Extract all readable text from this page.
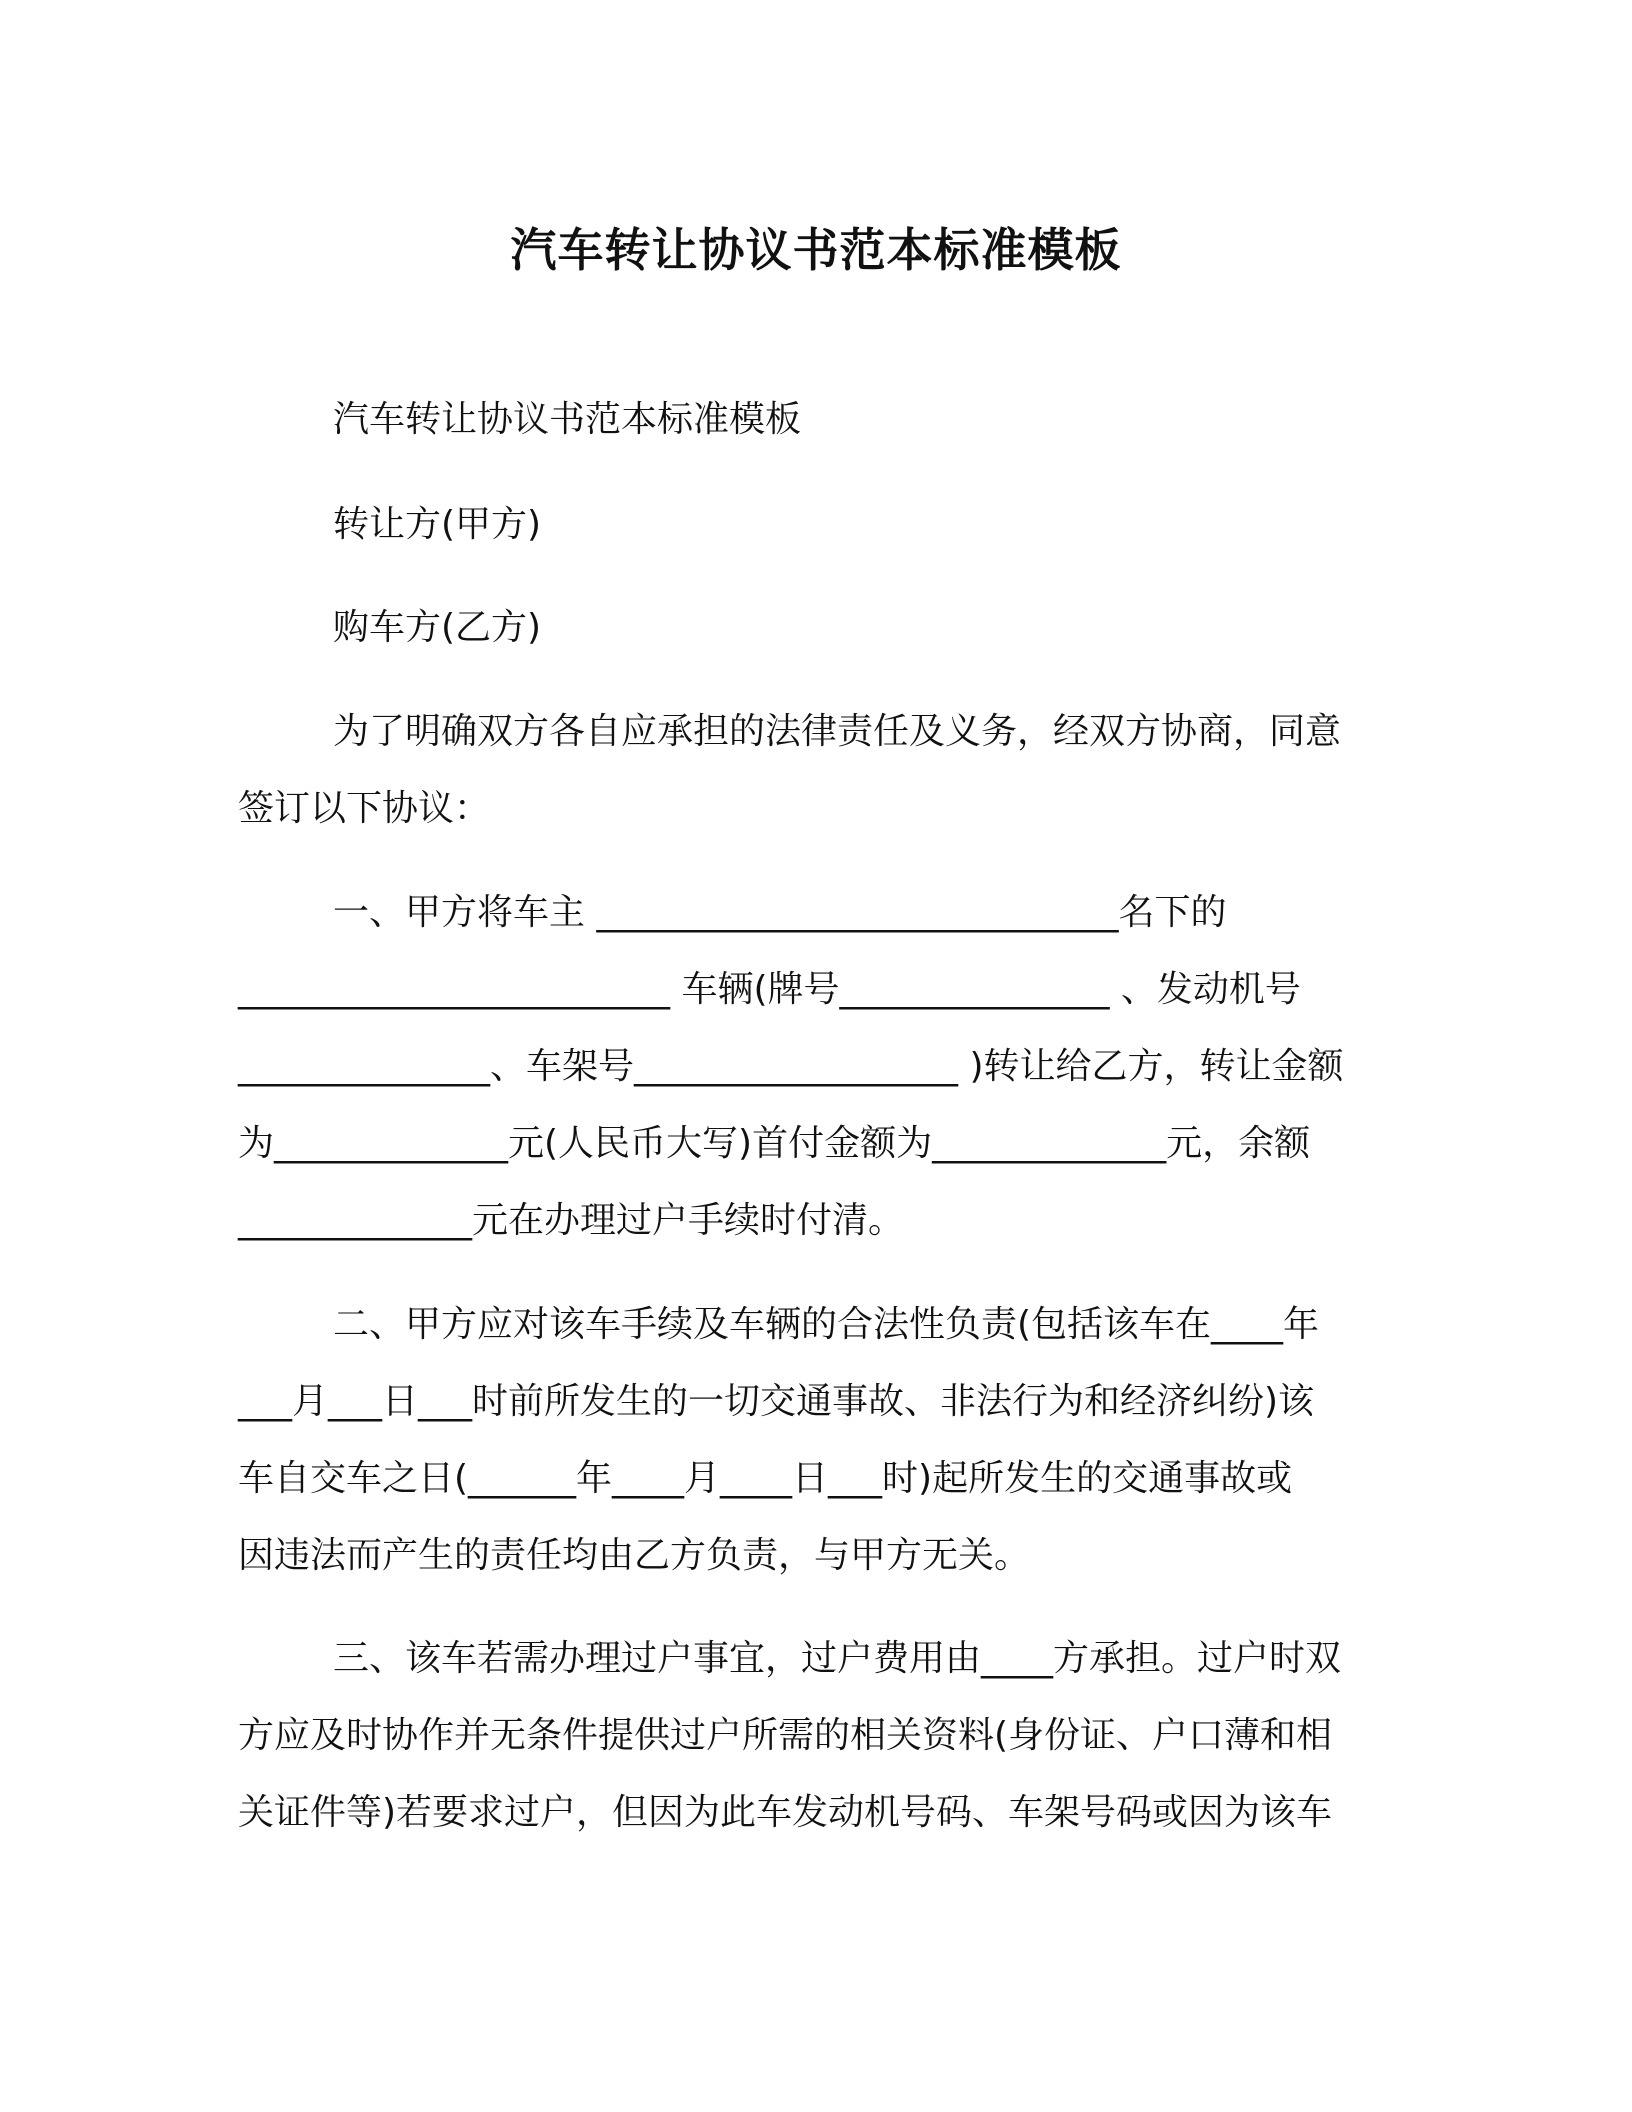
汽车转让协议书范本标准模板
汽车转让协议书范本标准模板
转让方(甲方)
购车方(乙方)
为了明确双方各自应承担的法律责任及义务，经双方协商，同意
签订以下协议：
一、甲方将车主 _____________________________名下的
________________________ 车辆(牌号_______________ 、发动机号
______________、车架号__________________ )转让给乙方，转让金额
为_____________元(人民币大写)首付金额为_____________元，余额
_____________元在办理过户手续时付清。
二、甲方应对该车手续及车辆的合法性负责(包括该车在____年
___月___日___时前所发生的一切交通事故、非法行为和经济纠纷)该
车自交车之日(______年____月____日___时)起所发生的交通事故或
因违法而产生的责任均由乙方负责，与甲方无关。
三、该车若需办理过户事宜，过户费用由____方承担。过户时双
方应及时协作并无条件提供过户所需的相关资料(身份证、户口薄和相
关证件等)若要求过户，但因为此车发动机号码、车架号码或因为该车
